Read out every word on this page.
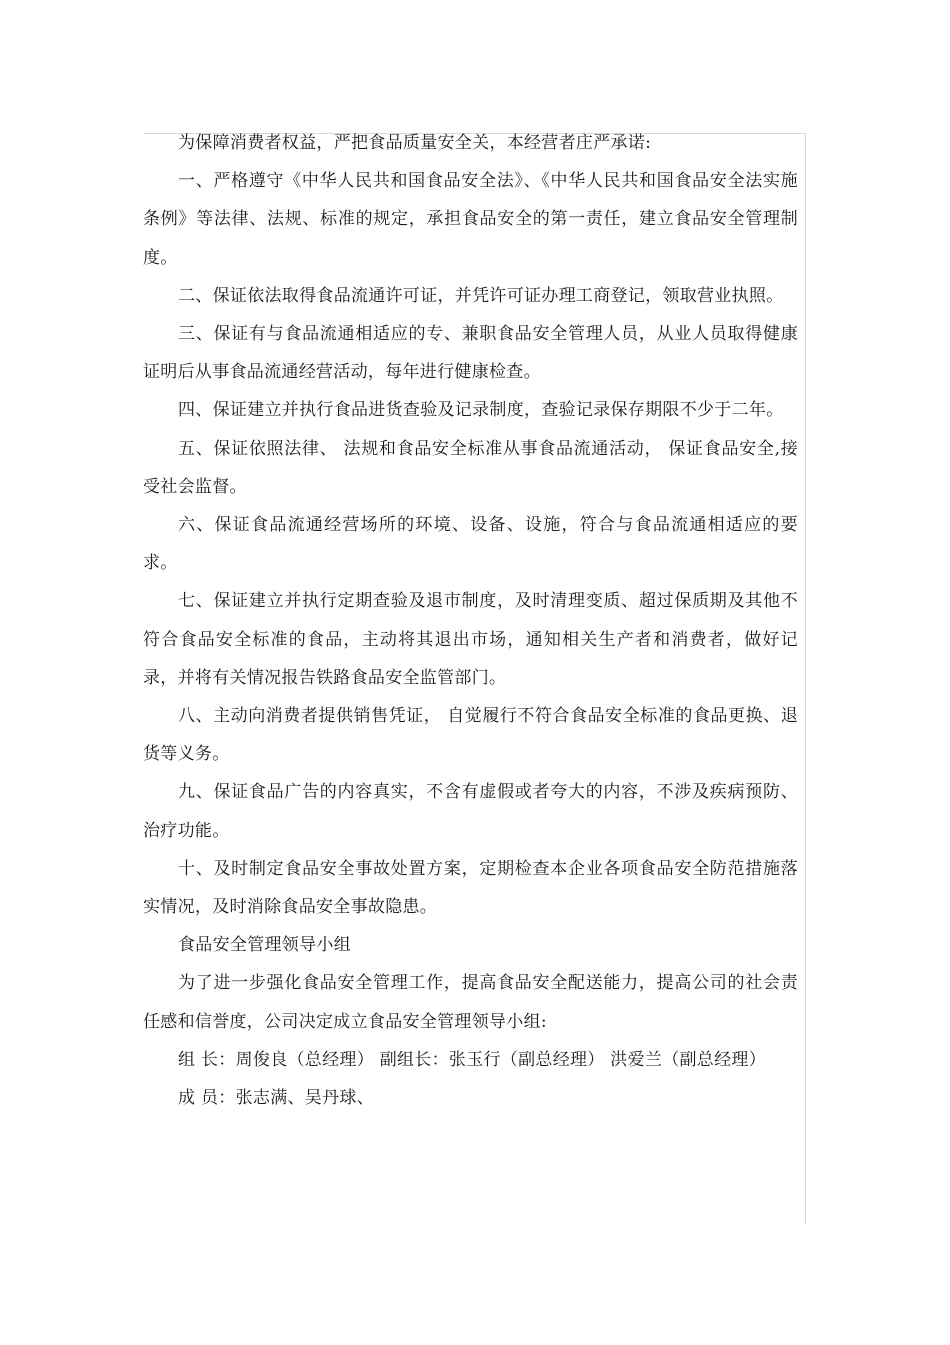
为保障消费者权益，严把食品质量安全关，本经营者庄严承诺:

一、严格遵守《中华人民共和国食品安全法》、《中华人民共和国食品安全法实施条例》等法律、法规、标准的规定，承担食品安全的第一责任，建立食品安全管理制度。

二、保证依法取得食品流通许可证，并凭许可证办理工商登记，领取营业执照。

三、保证有与食品流通相适应的专、兼职食品安全管理人员，从业人员取得健康证明后从事食品流通经营活动，每年进行健康检查。

四、保证建立并执行食品进货查验及记录制度，查验记录保存期限不少于二年。

五、保证依照法律、 法规和食品安全标准从事食品流通活动， 保证食品安全,接受社会监督。

六、保证食品流通经营场所的环境、设备、设施，符合与食品流通相适应的要求。

七、保证建立并执行定期查验及退市制度，及时清理变质、超过保质期及其他不符合食品安全标准的食品，主动将其退出市场，通知相关生产者和消费者，做好记录，并将有关情况报告铁路食品安全监管部门。

八、主动向消费者提供销售凭证， 自觉履行不符合食品安全标准的食品更换、退货等义务。

九、保证食品广告的内容真实，不含有虚假或者夸大的内容，不涉及疾病预防、治疗功能。

十、及时制定食品安全事故处置方案，定期检查本企业各项食品安全防范措施落实情况，及时消除食品安全事故隐患。

食品安全管理领导小组

为了进一步强化食品安全管理工作，提高食品安全配送能力，提高公司的社会责任感和信誉度，公司决定成立食品安全管理领导小组:

组 长：周俊良（总经理） 副组长：张玉行（副总经理） 洪爱兰（副总经理）

成 员：张志满、吴丹球、
